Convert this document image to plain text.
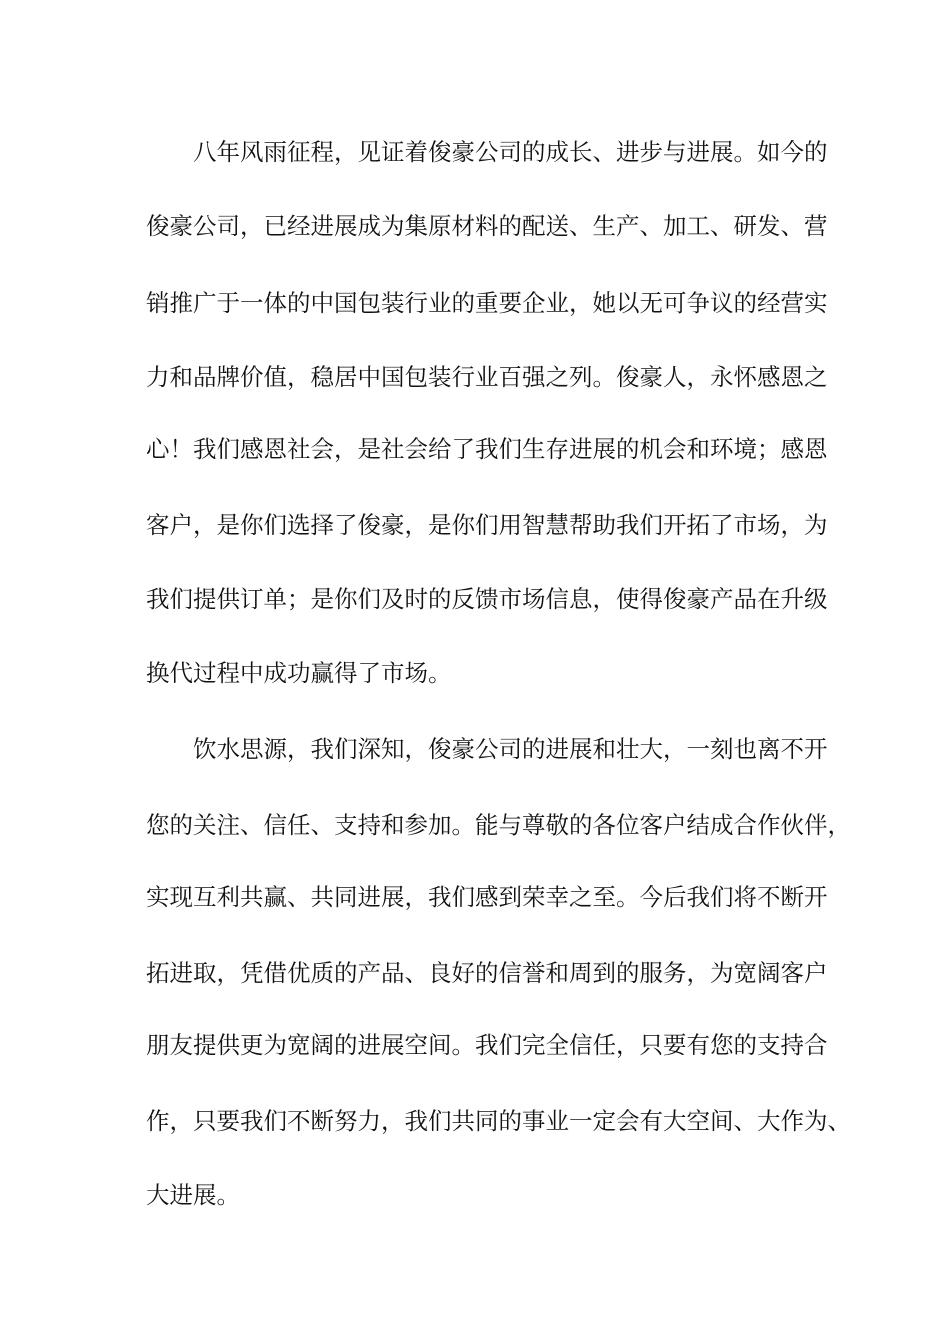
八年风雨征程，见证着俊豪公司的成长、进步与进展。如今的

俊豪公司，已经进展成为集原材料的配送、生产、加工、研发、营

销推广于一体的中国包装行业的重要企业，她以无可争议的经营实

力和品牌价值，稳居中国包装行业百强之列。俊豪人，永怀感恩之

心！我们感恩社会，是社会给了我们生存进展的机会和环境；感恩

客户，是你们选择了俊豪，是你们用智慧帮助我们开拓了市场，为

我们提供订单；是你们及时的反馈市场信息，使得俊豪产品在升级

换代过程中成功赢得了市场。

饮水思源，我们深知，俊豪公司的进展和壮大，一刻也离不开

您的关注、信任、支持和参加。能与尊敬的各位客户结成合作伙伴，

实现互利共赢、共同进展，我们感到荣幸之至。今后我们将不断开

拓进取，凭借优质的产品、良好的信誉和周到的服务，为宽阔客户

朋友提供更为宽阔的进展空间。我们完全信任，只要有您的支持合

作，只要我们不断努力，我们共同的事业一定会有大空间、大作为、

大进展。
